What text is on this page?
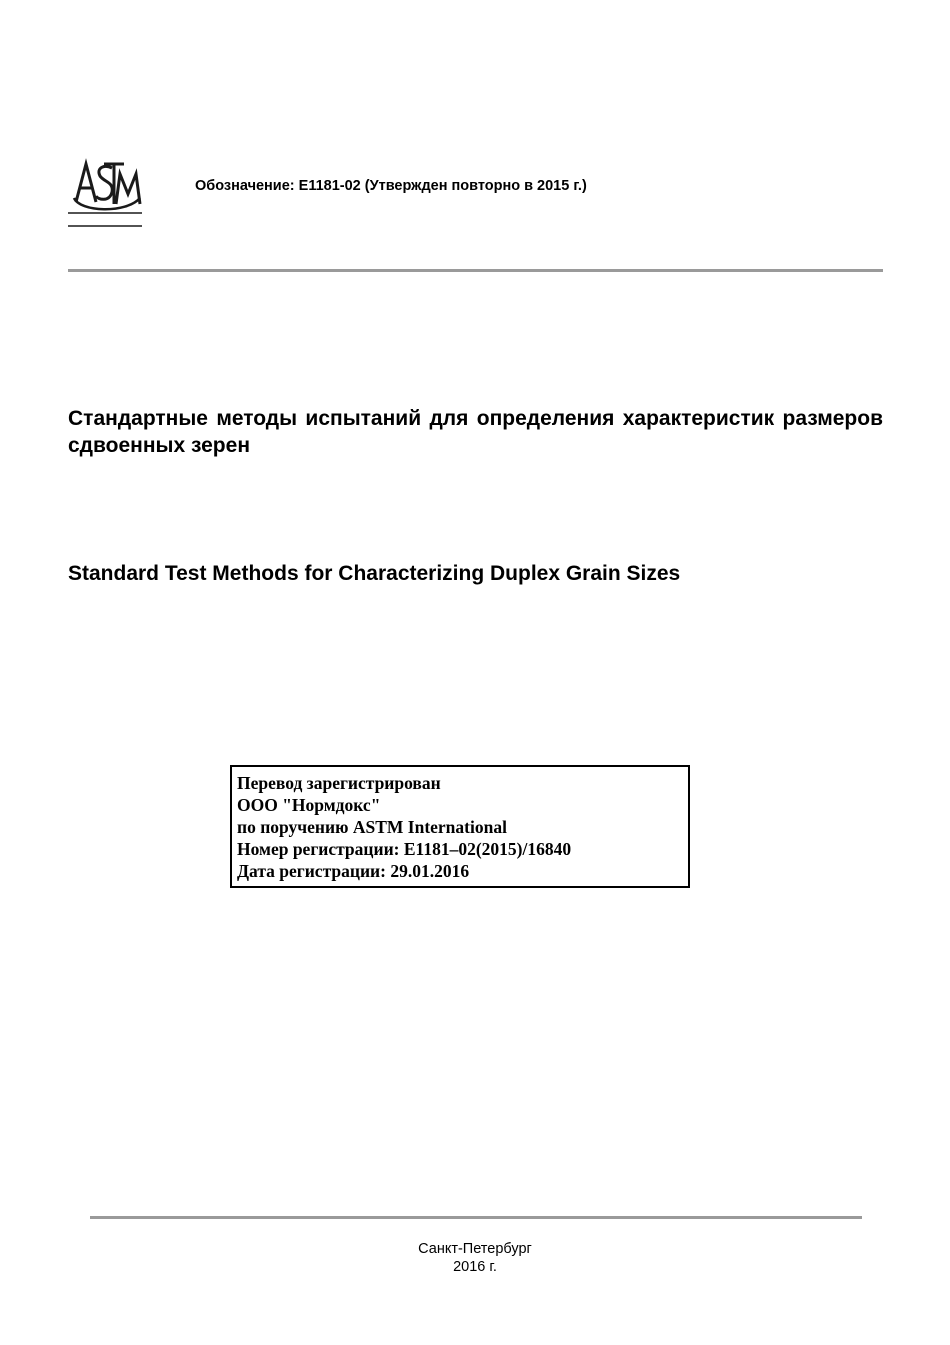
Обозначение: E1181-02 (Утвержден повторно в 2015 г.)
Стандартные методы испытаний для определения характеристик размеров сдвоенных зерен
Standard Test Methods for Characterizing Duplex Grain Sizes
Перевод зарегистрирован
ООО "Нормдокс"
по поручению ASTM International
Номер регистрации: E1181–02(2015)/16840
Дата регистрации: 29.01.2016
Санкт-Петербург
2016 г.
